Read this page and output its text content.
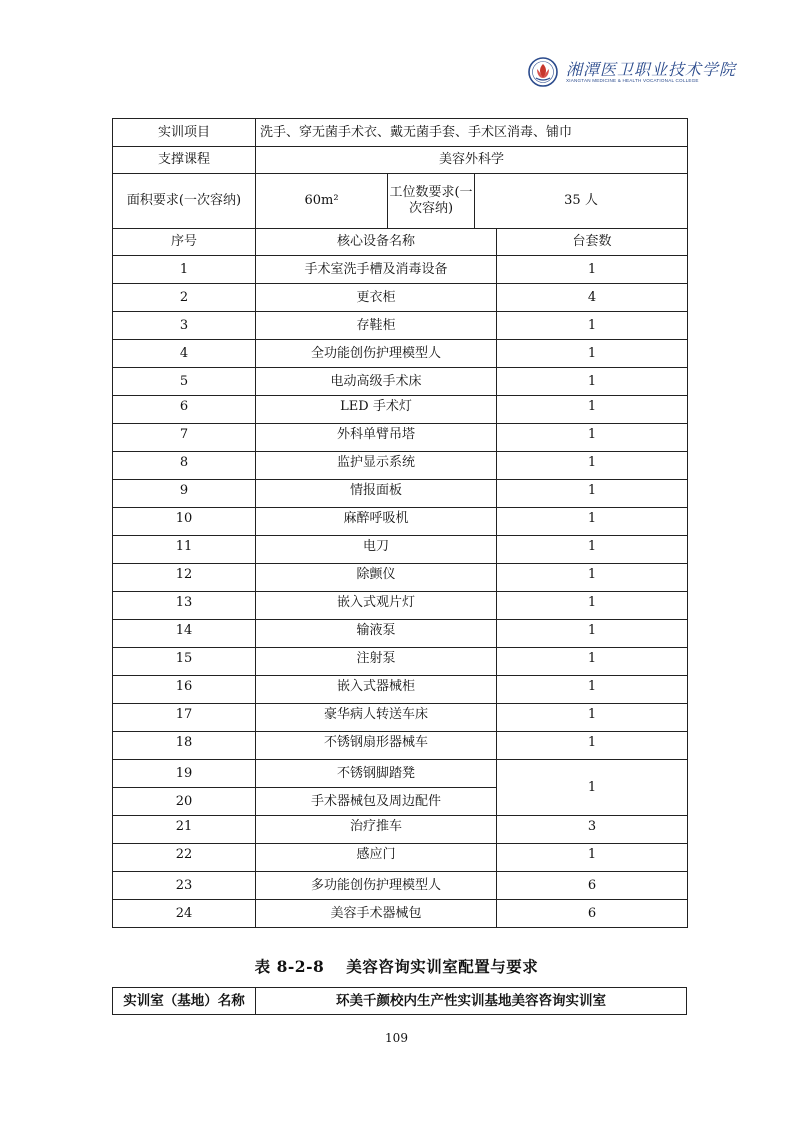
湘潭医卫职业技术学院
XIANGTAN MEDICINE & HEALTH VOCATIONAL COLLEGE
实训项目	洗手、穿无菌手术衣、戴无菌手套、手术区消毒、铺巾			
支撑课程	美容外科学			
面积要求(一次容纳)	60m²	工位数要求(一次容纳)	35 人	
序号	核心设备名称			台套数
1	手术室洗手槽及消毒设备			1
2	更衣柜			4
3	存鞋柜			1
4	全功能创伤护理模型人			1
5	电动高级手术床			1
6	LED 手术灯			1
7	外科单臂吊塔			1
8	监护显示系统			1
9	情报面板			1
10	麻醉呼吸机			1
11	电刀			1
12	除颤仪			1
13	嵌入式观片灯			1
14	输液泵			1
15	注射泵			1
16	嵌入式器械柜			1
17	豪华病人转送车床			1
18	不锈钢扇形器械车			1
19	不锈钢脚踏凳			1
20	手术器械包及周边配件			
21	治疗推车			3
22	感应门			1
23	多功能创伤护理模型人			6
24	美容手术器械包			6
表 8-2-8 美容咨询实训室配置与要求
实训室（基地）名称	环美千颜校内生产性实训基地美容咨询实训室
109
